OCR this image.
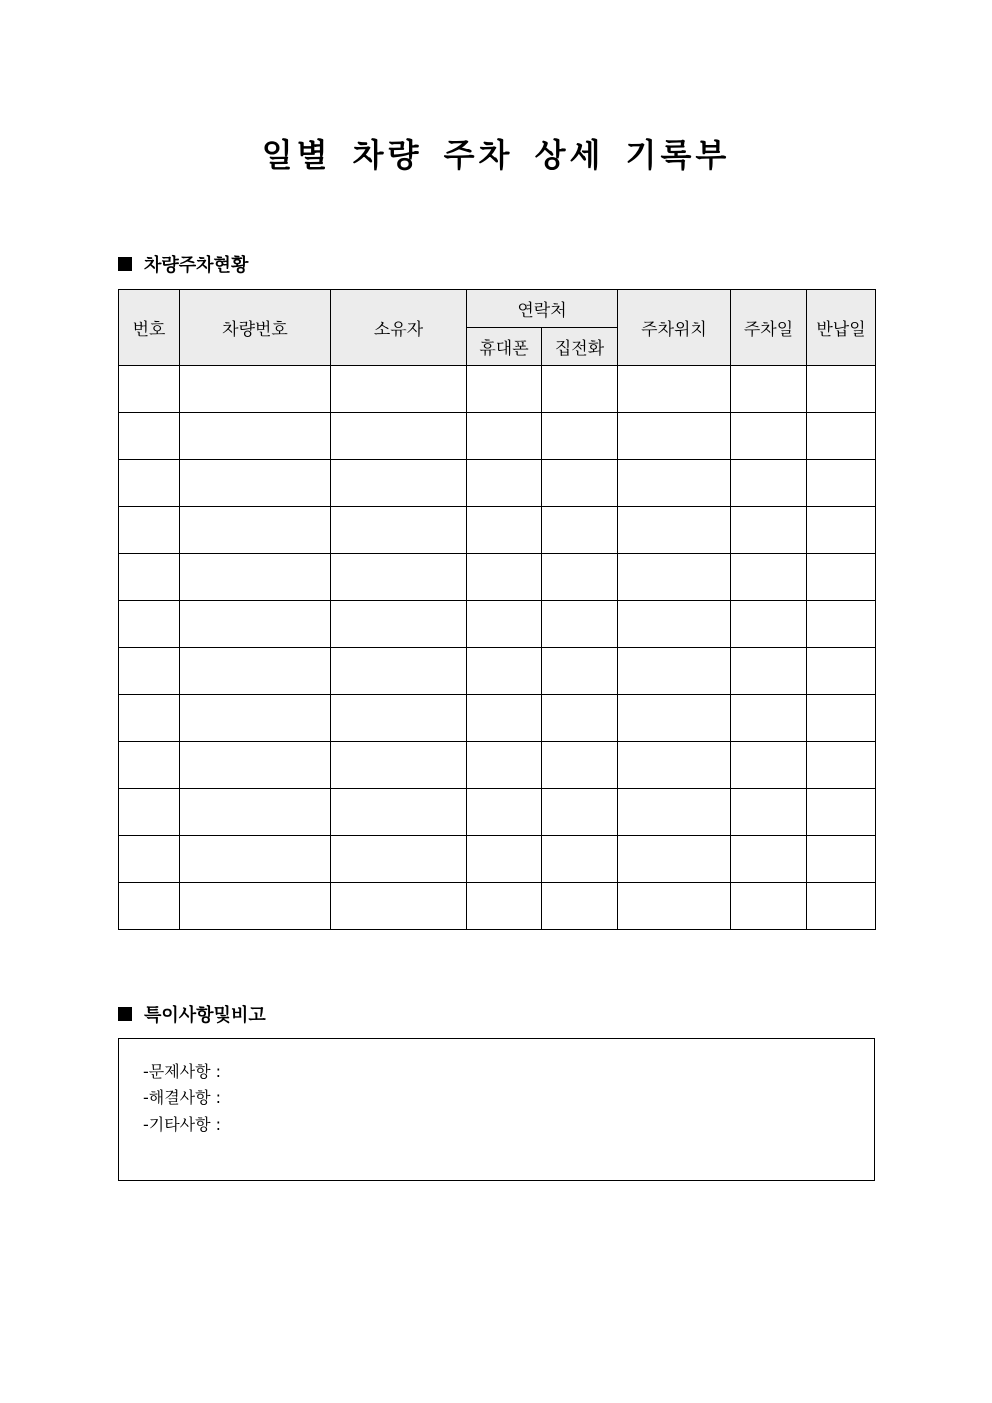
일별 차량 주차 상세 기록부
차량주차현황
번호	차량번호	소유자	연락처		주차위치	주차일	반납일
			휴대폰	집전화			

특이사항및비고
-문제사항 :
-해결사항 :
-기타사항 :
